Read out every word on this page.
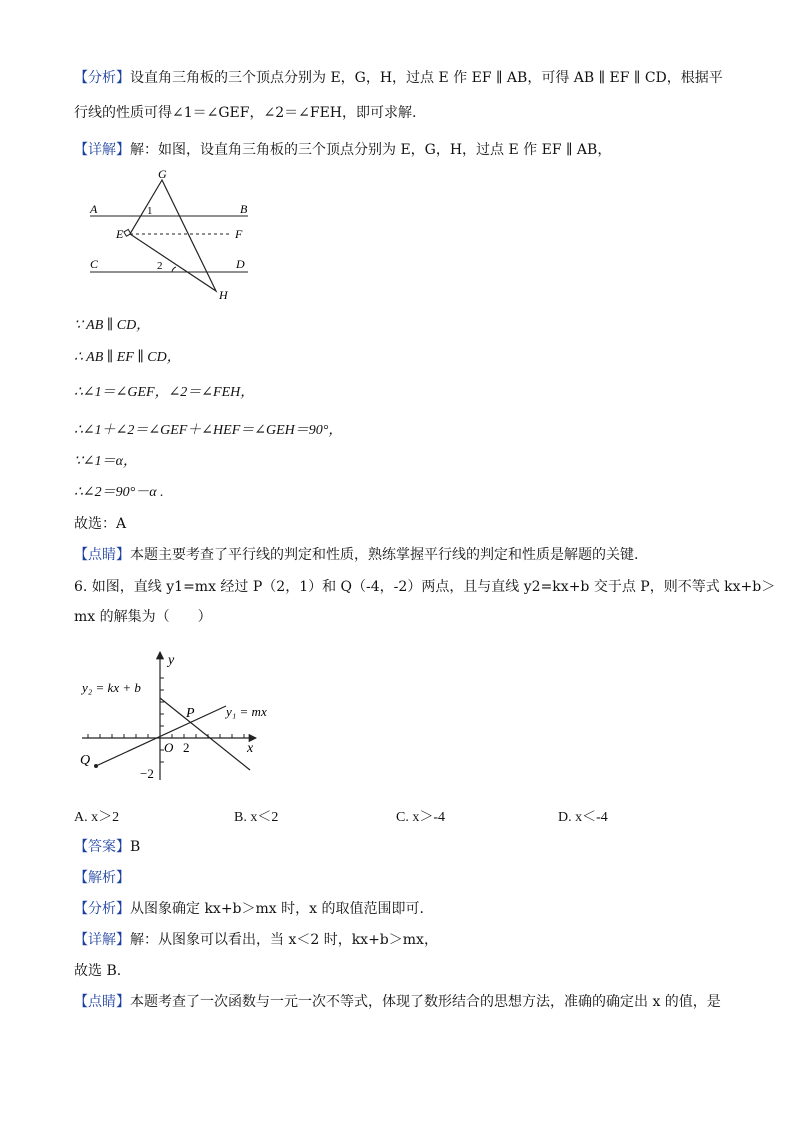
【分析】设直角三角板的三个顶点分别为 E，G，H，过点 E 作 EF ∥ AB，可得 AB ∥ EF ∥ CD，根据平
行线的性质可得∠1＝∠GEF，∠2＝∠FEH，即可求解.
【详解】解：如图，设直角三角板的三个顶点分别为 E，G，H，过点 E 作 EF ∥ AB，
A	B
C	D
E	F
G
H
1
2
∵ AB ∥ CD，
∴ AB ∥ EF ∥ CD，
∴∠1＝∠GEF，∠2＝∠FEH，
∴∠1＋∠2＝∠GEF＋∠HEF＝∠GEH＝90°，
∵∠1＝α，
∴∠2＝90°－α .
故选：A
【点睛】本题主要考查了平行线的判定和性质，熟练掌握平行线的判定和性质是解题的关键.
6. 如图，直线 y1=mx 经过 P（2，1）和 Q（-4，-2）两点，且与直线 y2=kx+b 交于点 P，则不等式 kx+b＞
mx 的解集为（　　）
y
x
O 2
−2
P
Q
y₂ = kx + b
y₁ = mx
A. x＞2	B. x＜2	C. x＞-4	D. x＜-4
【答案】B
【解析】
【分析】从图象确定 kx+b＞mx 时，x 的取值范围即可.
【详解】解：从图象可以看出，当 x＜2 时，kx+b＞mx，
故选 B.
【点睛】本题考查了一次函数与一元一次不等式，体现了数形结合的思想方法，准确的确定出 x 的值，是
